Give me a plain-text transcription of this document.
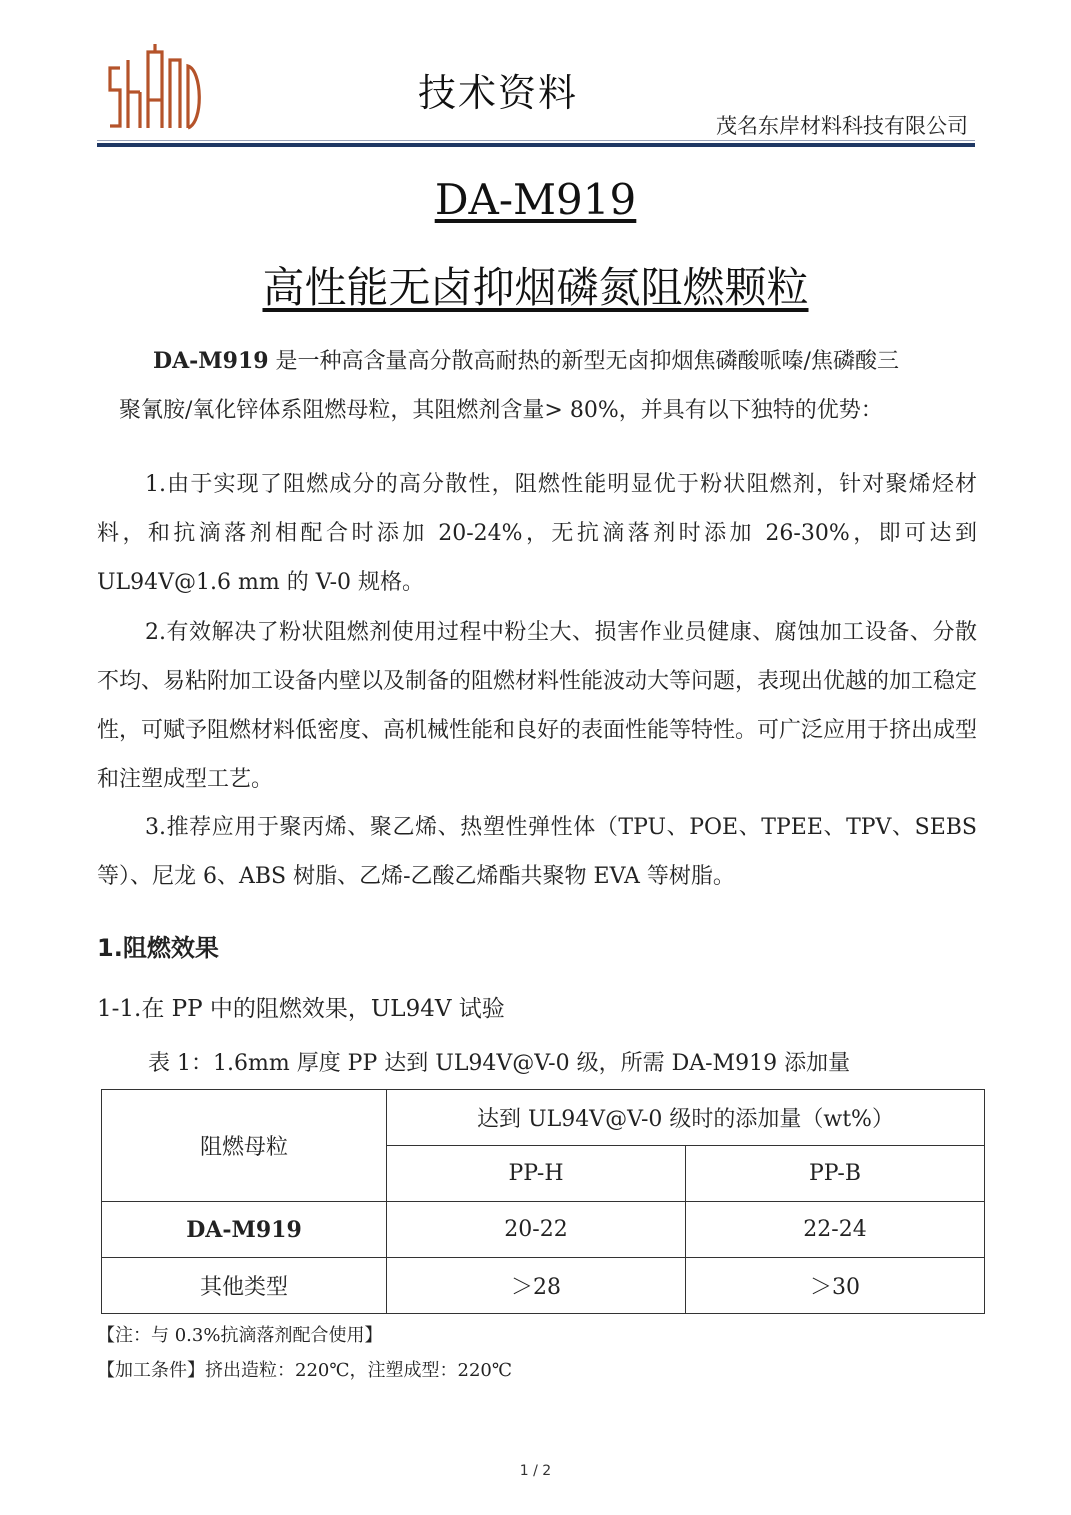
技术资料
茂名东岸材料科技有限公司
DA-M919
高性能无卤抑烟磷氮阻燃颗粒
DA-M919 是一种高含量高分散高耐热的新型无卤抑烟焦磷酸哌嗪/焦磷酸三
聚氰胺/氧化锌体系阻燃母粒，其阻燃剂含量> 80%，并具有以下独特的优势：
1.由于实现了阻燃成分的高分散性，阻燃性能明显优于粉状阻燃剂，针对聚烯烃材料，和抗滴落剂相配合时添加 20-24%，无抗滴落剂时添加 26-30%，即可达到 UL94V@1.6 mm 的 V-0 规格。
2.有效解决了粉状阻燃剂使用过程中粉尘大、损害作业员健康、腐蚀加工设备、分散不均、易粘附加工设备内壁以及制备的阻燃材料性能波动大等问题，表现出优越的加工稳定性，可赋予阻燃材料低密度、高机械性能和良好的表面性能等特性。可广泛应用于挤出成型和注塑成型工艺。
3.推荐应用于聚丙烯、聚乙烯、热塑性弹性体（TPU、POE、TPEE、TPV、SEBS 等）、尼龙 6、ABS 树脂、乙烯-乙酸乙烯酯共聚物 EVA 等树脂。
1.阻燃效果
1-1.在 PP 中的阻燃效果，UL94V 试验
表 1：1.6mm 厚度 PP 达到 UL94V@V-0 级，所需 DA-M919 添加量
阻燃母粒	达到 UL94V@V-0 级时的添加量（wt%）	
	PP-H	PP-B
DA-M919	20-22	22-24
其他类型	＞28	＞30
【注：与 0.3%抗滴落剂配合使用】
【加工条件】挤出造粒：220℃，注塑成型：220℃
1 / 2
